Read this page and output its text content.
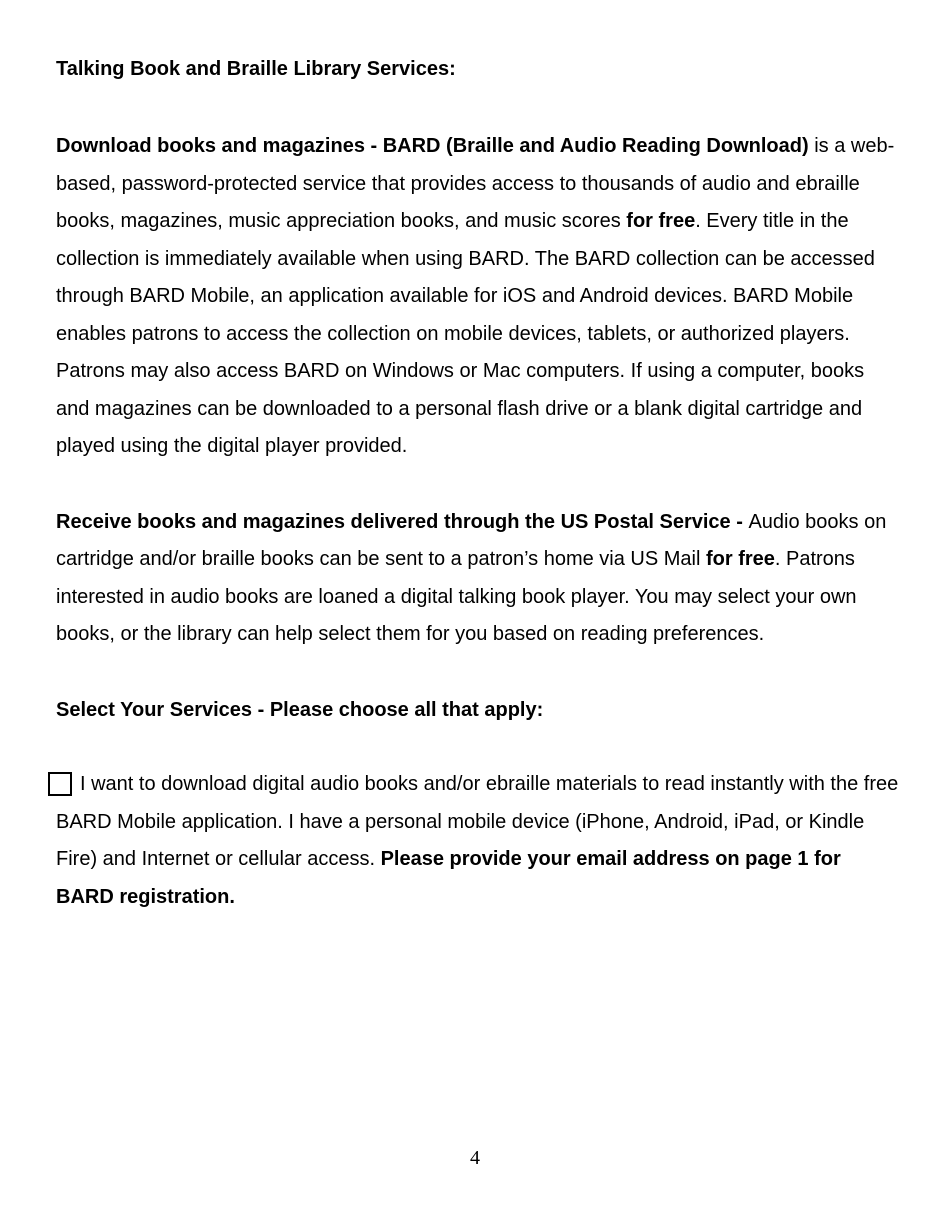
Talking Book and Braille Library Services:

Download books and magazines - BARD (Braille and Audio Reading Download) is a web-based, password-protected service that provides access to thousands of audio and ebraille books, magazines, music appreciation books, and music scores for free. Every title in the collection is immediately available when using BARD. The BARD collection can be accessed through BARD Mobile, an application available for iOS and Android devices. BARD Mobile enables patrons to access the collection on mobile devices, tablets, or authorized players. Patrons may also access BARD on Windows or Mac computers. If using a computer, books and magazines can be downloaded to a personal flash drive or a blank digital cartridge and played using the digital player provided.

Receive books and magazines delivered through the US Postal Service - Audio books on cartridge and/or braille books can be sent to a patron’s home via US Mail for free. Patrons interested in audio books are loaned a digital talking book player. You may select your own books, or the library can help select them for you based on reading preferences.

Select Your Services - Please choose all that apply:

I want to download digital audio books and/or ebraille materials to read instantly with the free BARD Mobile application. I have a personal mobile device (iPhone, Android, iPad, or Kindle Fire) and Internet or cellular access. Please provide your email address on page 1 for BARD registration.

4
